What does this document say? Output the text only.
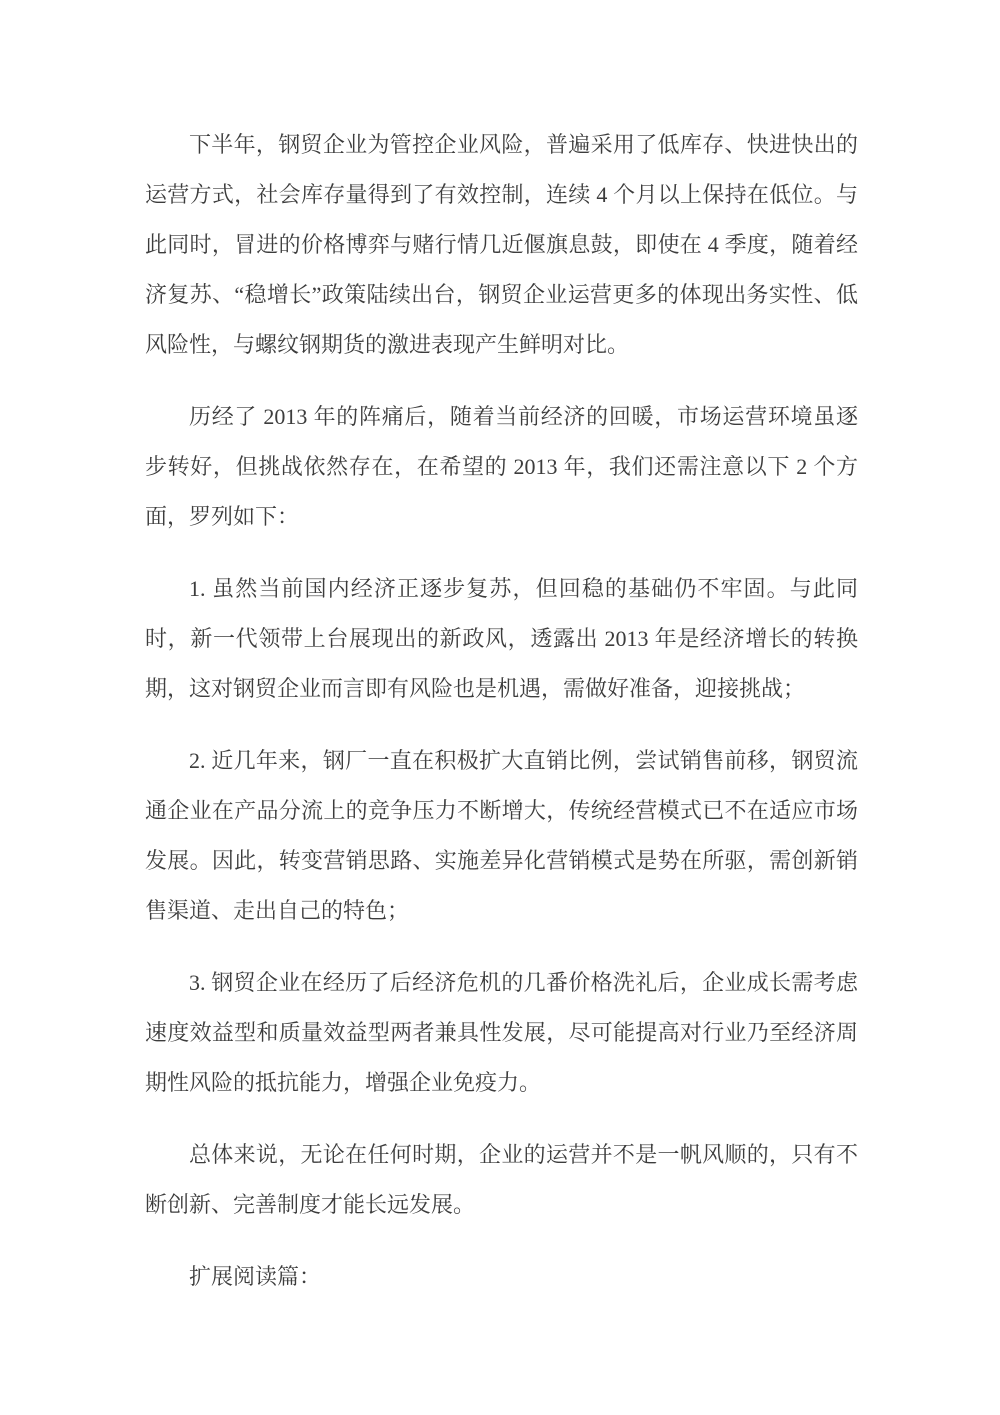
下半年，钢贸企业为管控企业风险，普遍采用了低库存、快进快出的运营方式，社会库存量得到了有效控制，连续 4 个月以上保持在低位。与此同时，冒进的价格博弈与赌行情几近偃旗息鼓，即使在 4 季度，随着经济复苏、“稳增长”政策陆续出台，钢贸企业运营更多的体现出务实性、低风险性，与螺纹钢期货的激进表现产生鲜明对比。

历经了 2013 年的阵痛后，随着当前经济的回暖，市场运营环境虽逐步转好，但挑战依然存在，在希望的 2013 年，我们还需注意以下 2 个方面，罗列如下：

1. 虽然当前国内经济正逐步复苏，但回稳的基础仍不牢固。与此同时，新一代领带上台展现出的新政风，透露出 2013 年是经济增长的转换期，这对钢贸企业而言即有风险也是机遇，需做好准备，迎接挑战；

2. 近几年来，钢厂一直在积极扩大直销比例，尝试销售前移，钢贸流通企业在产品分流上的竞争压力不断增大，传统经营模式已不在适应市场发展。因此，转变营销思路、实施差异化营销模式是势在所驱，需创新销售渠道、走出自己的特色；

3. 钢贸企业在经历了后经济危机的几番价格洗礼后，企业成长需考虑速度效益型和质量效益型两者兼具性发展，尽可能提高对行业乃至经济周期性风险的抵抗能力，增强企业免疫力。

总体来说，无论在任何时期，企业的运营并不是一帆风顺的，只有不断创新、完善制度才能长远发展。

扩展阅读篇：
